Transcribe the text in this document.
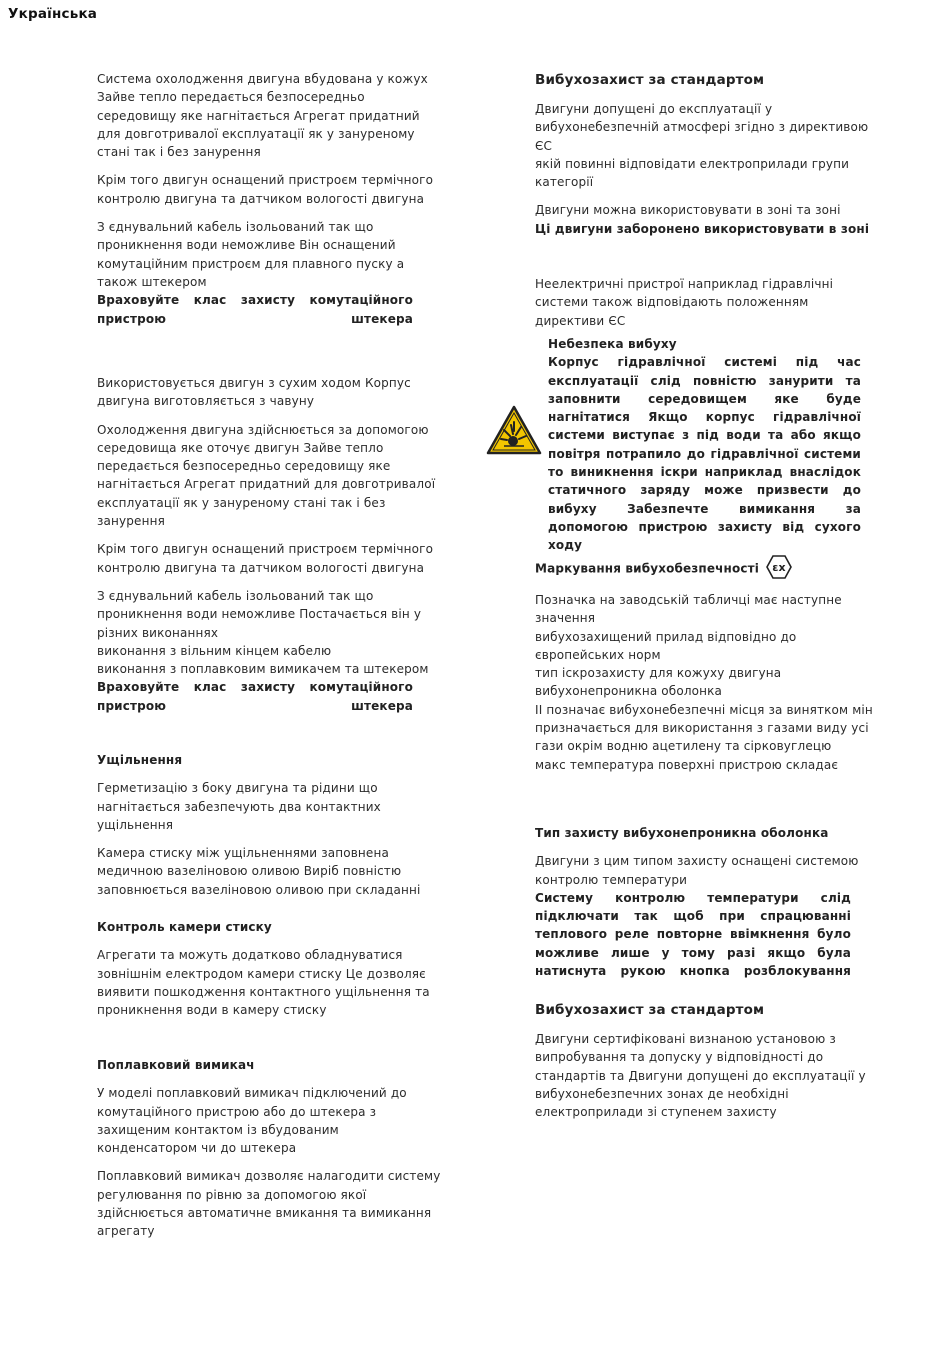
Українська

Система охолодження двигуна вбудована у кожух Зайве тепло передається безпосередньо середовищу яке нагнітається Агрегат придатний для довготривалої експлуатації як у зануреному стані так і без занурення

Крім того двигун оснащений пристроєм термічного контролю двигуна та датчиком вологості двигуна

З єднувальний кабель ізольований так що проникнення води неможливе Він оснащений комутаційним пристроєм для плавного пуску а також штекером

Враховуйте клас захисту комутаційного пристрою штекера

Використовується двигун з сухим ходом Корпус двигуна виготовляється з чавуну

Охолодження двигуна здійснюється за допомогою середовища яке оточує двигун Зайве тепло передається безпосередньо середовищу яке нагнітається Агрегат придатний для довготривалої експлуатації як у зануреному стані так і без занурення

Крім того двигун оснащений пристроєм термічного контролю двигуна та датчиком вологості двигуна

З єднувальний кабель ізольований так що проникнення води неможливе Постачається він у різних виконаннях

виконання з вільним кінцем кабелю

виконання з поплавковим вимикачем та штекером

Враховуйте клас захисту комутаційного пристрою штекера

Ущільнення

Герметизацію з боку двигуна та рідини що нагнітається забезпечують два контактних ущільнення

Камера стиску між ущільненнями заповнена медичною вазеліновою оливою Виріб повністю заповнюється вазеліновою оливою при складанні

Контроль камери стиску

Агрегати та можуть додатково обладнуватися зовнішнім електродом камери стиску Це дозволяє виявити пошкодження контактного ущільнення та проникнення води в камеру стиску

Поплавковий вимикач

У моделі поплавковий вимикач підключений до комутаційного пристрою або до штекера з захищеним контактом із вбудованим конденсатором чи до штекера

Поплавковий вимикач дозволяє налагодити систему регулювання по рівню за допомогою якої здійснюється автоматичне вмикання та вимикання агрегату

Вибухозахист за стандартом

Двигуни допущені до експлуатації у вибухонебезпечній атмосфері згідно з директивою ЄС

якій повинні відповідати електроприлади групи категорії

Двигуни можна використовувати в зоні та зоні

Ці двигуни заборонено використовувати в зоні

Неелектричні пристрої наприклад гідравлічні системи також відповідають положенням директиви ЄС

Небезпека вибуху

Корпус гідравлічної системі під час експлуатації слід повністю занурити та заповнити середовищем яке буде нагнітатися Якщо корпус гідравлічної системи виступає з під води та або якщо повітря потрапило до гідравлічної системи то виникнення іскри наприклад внаслідок статичного заряду може призвести до вибуху Забезпечте вимикання за допомогою пристрою захисту від сухого ходу

Маркування вибухобезпечності εx

Позначка на заводській табличці має наступне значення

вибухозахищений прилад відповідно до європейських норм

тип іскрозахисту для кожуху двигуна вибухонепроникна оболонка

II позначає вибухонебезпечні місця за винятком мін

призначається для використання з газами виду усі гази окрім водню ацетилену та сірковуглецю

макс температура поверхні пристрою складає

Тип захисту вибухонепроникна оболонка

Двигуни з цим типом захисту оснащені системою контролю температури

Систему контролю температури слід підключати так щоб при спрацюванні теплового реле повторне ввімкнення було можливе лише у тому разі якщо була натиснута рукою кнопка розблокування

Вибухозахист за стандартом

Двигуни сертифіковані визнаною установою з випробування та допуску у відповідності до стандартів та Двигуни допущені до експлуатації у вибухонебезпечних зонах де необхідні електроприлади зі ступенем захисту
